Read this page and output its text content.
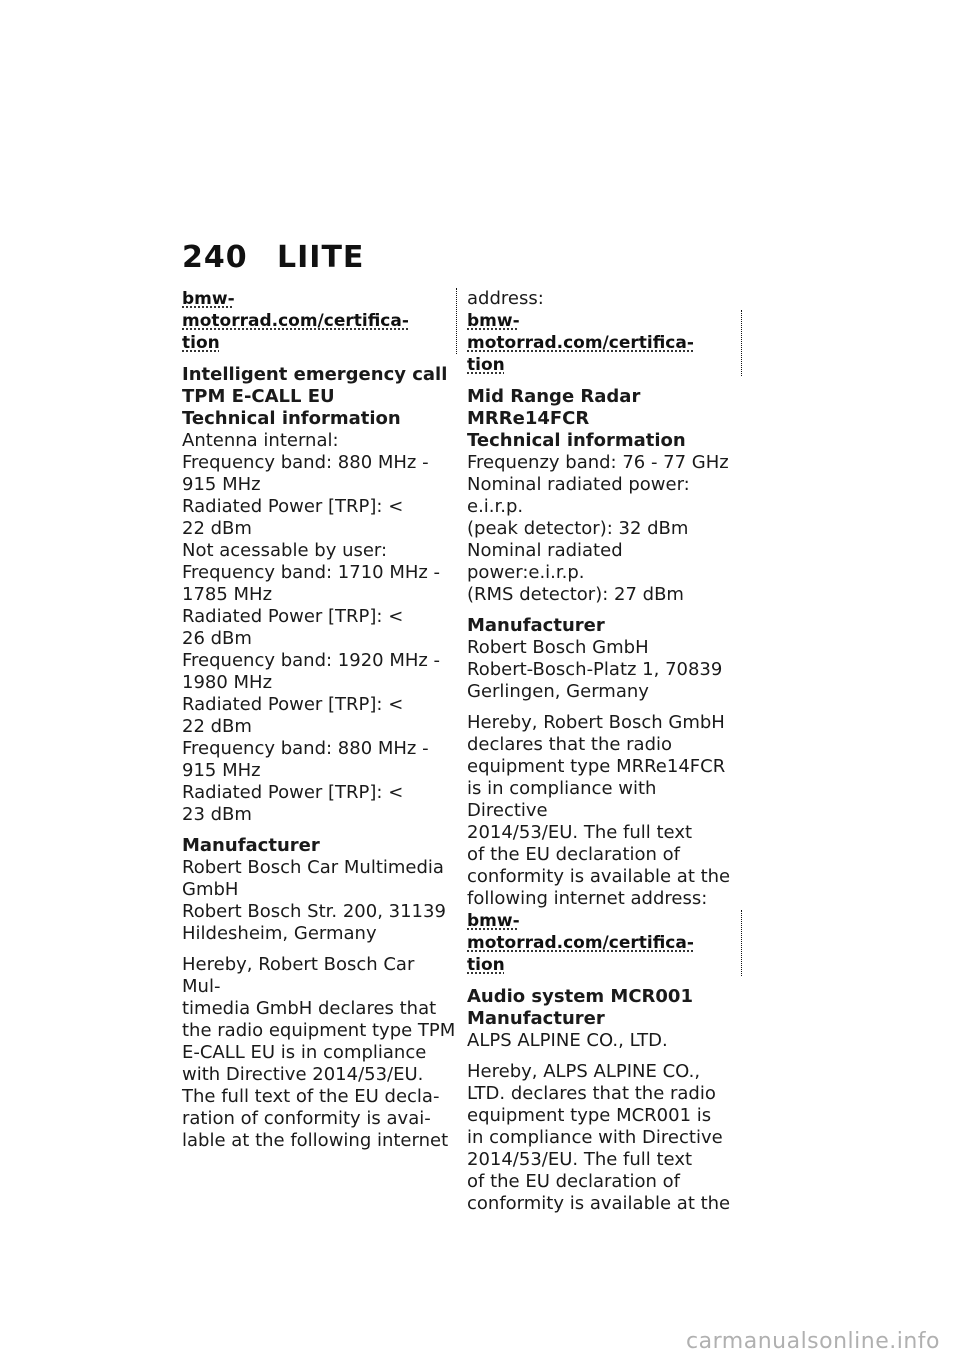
240 LIITE
bmw-motorrad.com/certifica-
tion
Intelligent emergency call
TPM E-CALL EU
Technical information
Antenna internal:
Frequency band: 880 MHz -
915 MHz
Radiated Power [TRP]: <
22 dBm
Not acessable by user:
Frequency band: 1710 MHz -
1785 MHz
Radiated Power [TRP]: <
26 dBm
Frequency band: 1920 MHz -
1980 MHz
Radiated Power [TRP]: <
22 dBm
Frequency band: 880 MHz -
915 MHz
Radiated Power [TRP]: <
23 dBm
Manufacturer
Robert Bosch Car Multimedia
GmbH
Robert Bosch Str. 200, 31139
Hildesheim, Germany
Hereby, Robert Bosch Car Mul-
timedia GmbH declares that
the radio equipment type TPM
E-CALL EU is in compliance
with Directive 2014/53/EU.
The full text of the EU decla-
ration of conformity is avai-
lable at the following internet
address:
bmw-motorrad.com/certifica-
tion
Mid Range Radar
MRRe14FCR
Technical information
Frequenzy band: 76 - 77 GHz
Nominal radiated power: e.i.r.p.
(peak detector): 32 dBm
Nominal radiated power:e.i.r.p.
(RMS detector): 27 dBm
Manufacturer
Robert Bosch GmbH
Robert-Bosch-Platz 1, 70839
Gerlingen, Germany
Hereby, Robert Bosch GmbH
declares that the radio
equipment type MRRe14FCR
is in compliance with Directive
2014/53/EU. The full text
of the EU declaration of
conformity is available at the
following internet address:
bmw-motorrad.com/certifica-
tion
Audio system MCR001
Manufacturer
ALPS ALPINE CO., LTD.
Hereby, ALPS ALPINE CO.,
LTD. declares that the radio
equipment type MCR001 is
in compliance with Directive
2014/53/EU. The full text
of the EU declaration of
conformity is available at the
carmanualsonline.info
